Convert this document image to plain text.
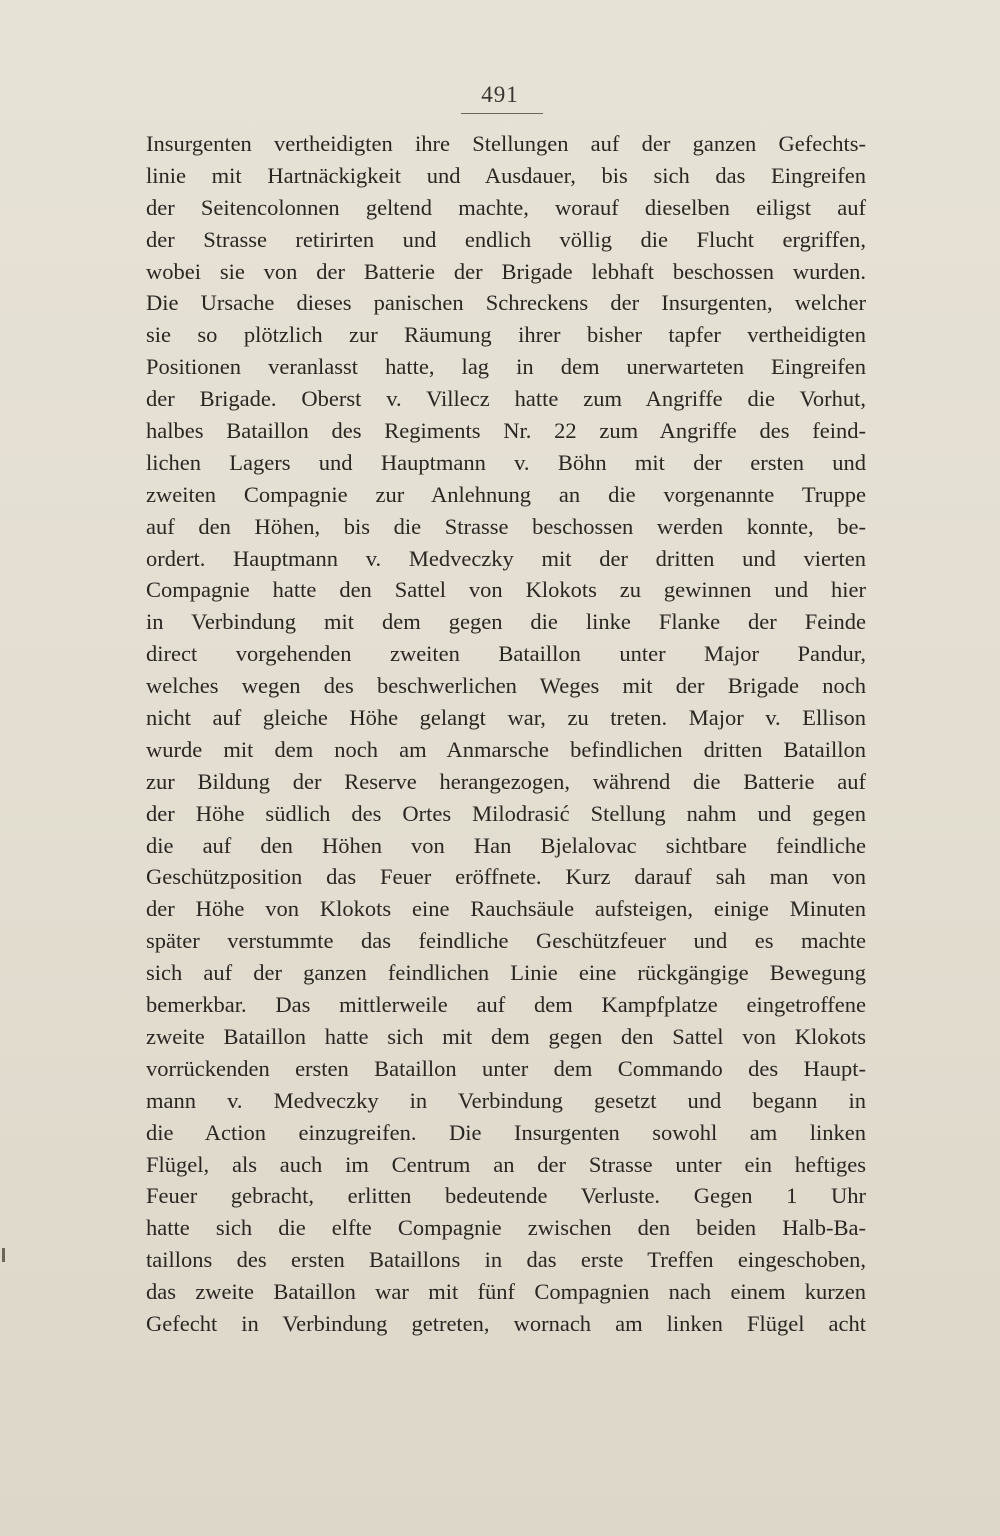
491
Insurgenten vertheidigten ihre Stellungen auf der ganzen Gefechts-
linie mit Hartnäckigkeit und Ausdauer, bis sich das Eingreifen
der Seitencolonnen geltend machte, worauf dieselben eiligst auf
der Strasse retirirten und endlich völlig die Flucht ergriffen,
wobei sie von der Batterie der Brigade lebhaft beschossen wurden.
Die Ursache dieses panischen Schreckens der Insurgenten, welcher
sie so plötzlich zur Räumung ihrer bisher tapfer vertheidigten
Positionen veranlasst hatte, lag in dem unerwarteten Eingreifen
der Brigade. Oberst v. Villecz hatte zum Angriffe die Vorhut,
halbes Bataillon des Regiments Nr. 22 zum Angriffe des feind-
lichen Lagers und Hauptmann v. Böhn mit der ersten und
zweiten Compagnie zur Anlehnung an die vorgenannte Truppe
auf den Höhen, bis die Strasse beschossen werden konnte, be-
ordert. Hauptmann v. Medveczky mit der dritten und vierten
Compagnie hatte den Sattel von Klokots zu gewinnen und hier
in Verbindung mit dem gegen die linke Flanke der Feinde
direct vorgehenden zweiten Bataillon unter Major Pandur,
welches wegen des beschwerlichen Weges mit der Brigade noch
nicht auf gleiche Höhe gelangt war, zu treten. Major v. Ellison
wurde mit dem noch am Anmarsche befindlichen dritten Bataillon
zur Bildung der Reserve herangezogen, während die Batterie auf
der Höhe südlich des Ortes Milodrasić Stellung nahm und gegen
die auf den Höhen von Han Bjelalovac sichtbare feindliche
Geschützposition das Feuer eröffnete. Kurz darauf sah man von
der Höhe von Klokots eine Rauchsäule aufsteigen, einige Minuten
später verstummte das feindliche Geschützfeuer und es machte
sich auf der ganzen feindlichen Linie eine rückgängige Bewegung
bemerkbar. Das mittlerweile auf dem Kampfplatze eingetroffene
zweite Bataillon hatte sich mit dem gegen den Sattel von Klokots
vorrückenden ersten Bataillon unter dem Commando des Haupt-
mann v. Medveczky in Verbindung gesetzt und begann in
die Action einzugreifen. Die Insurgenten sowohl am linken
Flügel, als auch im Centrum an der Strasse unter ein heftiges
Feuer gebracht, erlitten bedeutende Verluste. Gegen 1 Uhr
hatte sich die elfte Compagnie zwischen den beiden Halb-Ba-
taillons des ersten Bataillons in das erste Treffen eingeschoben,
das zweite Bataillon war mit fünf Compagnien nach einem kurzen
Gefecht in Verbindung getreten, wornach am linken Flügel acht
